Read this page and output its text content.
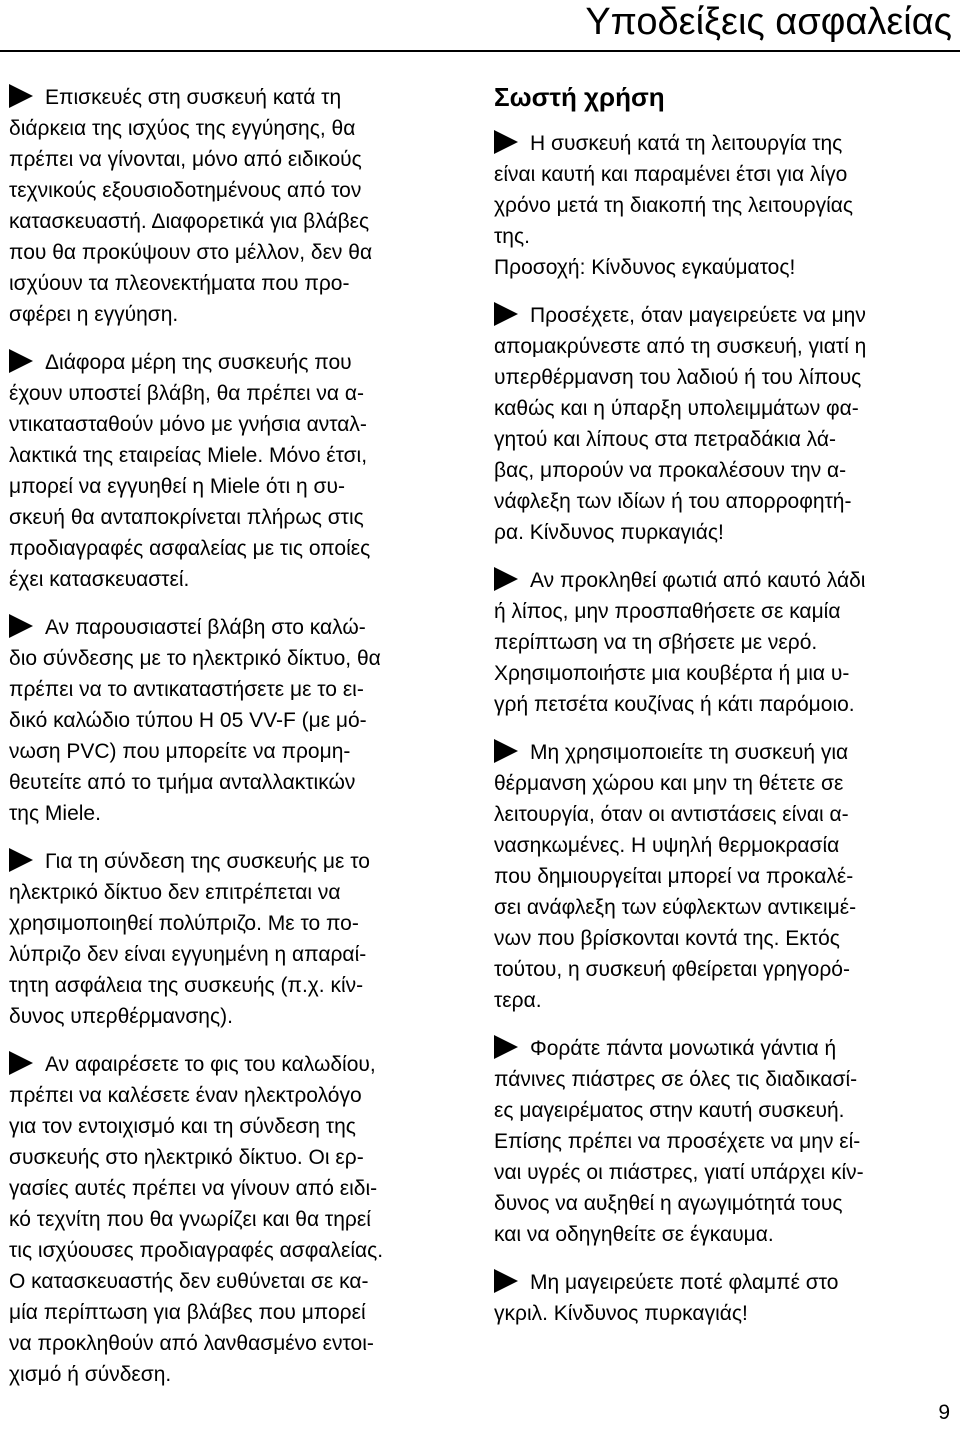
Υποδείξεις ασφαλείας
Επισκευές στη συσκευή κατά τη
διάρκεια της ισχύος της εγγύησης, θα
πρέπει να γίνονται, μόνο από ειδικούς
τεχνικούς εξουσιοδοτημένους από τον
κατασκευαστή. Διαφορετικά για βλάβες
που θα προκύψουν στο μέλλον, δεν θα
ισχύουν τα πλεονεκτήματα που προ-
σφέρει η εγγύηση.
Διάφορα μέρη της συσκευής που
έχουν υποστεί βλάβη, θα πρέπει να α-
ντικατασταθούν μόνο με γνήσια ανταλ-
λακτικά της εταιρείας Miele. Μόνο έτσι,
μπορεί να εγγυηθεί η Miele ότι η συ-
σκευή θα ανταποκρίνεται πλήρως στις
προδιαγραφές ασφαλείας με τις οποίες
έχει κατασκευαστεί.
Αν παρουσιαστεί βλάβη στο καλώ-
διο σύνδεσης με το ηλεκτρικό δίκτυο, θα
πρέπει να το αντικαταστήσετε με το ει-
δικό καλώδιο τύπου H 05 VV-F (με μό-
νωση PVC) που μπορείτε να προμη-
θευτείτε από το τμήμα ανταλλακτικών
της Miele.
Για τη σύνδεση της συσκευής με το
ηλεκτρικό δίκτυο δεν επιτρέπεται να
χρησιμοποιηθεί πολύπριζο. Με το πο-
λύπριζο δεν είναι εγγυημένη η απαραί-
τητη ασφάλεια της συσκευής (π.χ. κίν-
δυνος υπερθέρμανσης).
Αν αφαιρέσετε το φις του καλωδίου,
πρέπει να καλέσετε έναν ηλεκτρολόγο
για τον εντοιχισμό και τη σύνδεση της
συσκευής στο ηλεκτρικό δίκτυο. Οι ερ-
γασίες αυτές πρέπει να γίνουν από ειδι-
κό τεχνίτη που θα γνωρίζει και θα τηρεί
τις ισχύουσες προδιαγραφές ασφαλείας.
Ο κατασκευαστής δεν ευθύνεται σε κα-
μία περίπτωση για βλάβες που μπορεί
να προκληθούν από λανθασμένο εντοι-
χισμό ή σύνδεση.
Σωστή χρήση
Η συσκευή κατά τη λειτουργία της
είναι καυτή και παραμένει έτσι για λίγο
χρόνο μετά τη διακοπή της λειτουργίας
της.
Προσοχή: Κίνδυνος εγκαύματος!
Προσέχετε, όταν μαγειρεύετε να μην
απομακρύνεστε από τη συσκευή, γιατί η
υπερθέρμανση του λαδιού ή του λίπους
καθώς και η ύπαρξη υπολειμμάτων φα-
γητού και λίπους στα πετραδάκια λά-
βας, μπορούν να προκαλέσουν την α-
νάφλεξη των ιδίων ή του απορροφητή-
ρα. Κίνδυνος πυρκαγιάς!
Αν προκληθεί φωτιά από καυτό λάδι
ή λίπος, μην προσπαθήσετε σε καμία
περίπτωση να τη σβήσετε με νερό.
Χρησιμοποιήστε μια κουβέρτα ή μια υ-
γρή πετσέτα κουζίνας ή κάτι παρόμοιο.
Μη χρησιμοποιείτε τη συσκευή για
θέρμανση χώρου και μην τη θέτετε σε
λειτουργία, όταν οι αντιστάσεις είναι α-
νασηκωμένες. Η υψηλή θερμοκρασία
που δημιουργείται μπορεί να προκαλέ-
σει ανάφλεξη των εύφλεκτων αντικειμέ-
νων που βρίσκονται κοντά της. Εκτός
τούτου, η συσκευή φθείρεται γρηγορό-
τερα.
Φοράτε πάντα μονωτικά γάντια ή
πάνινες πιάστρες σε όλες τις διαδικασί-
ες μαγειρέματος στην καυτή συσκευή.
Επίσης πρέπει να προσέχετε να μην εί-
ναι υγρές οι πιάστρες, γιατί υπάρχει κίν-
δυνος να αυξηθεί η αγωγιμότητά τους
και να οδηγηθείτε σε έγκαυμα.
Μη μαγειρεύετε ποτέ φλαμπέ στο
γκριλ. Κίνδυνος πυρκαγιάς!
9
